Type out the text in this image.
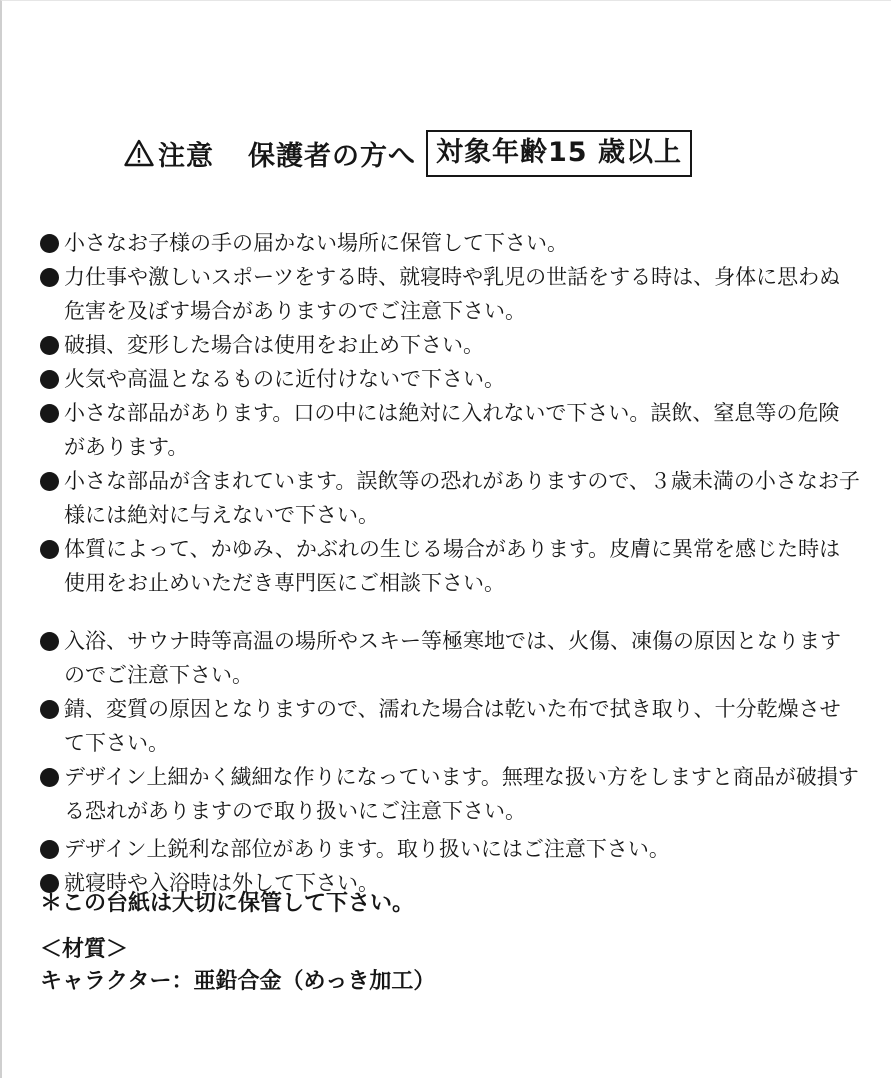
注意 保護者の方へ 対象年齢15 歳以上
小さなお子様の手の届かない場所に保管して下さい。
力仕事や激しいスポーツをする時、就寝時や乳児の世話をする時は、身体に思わぬ危害を及ぼす場合がありますのでご注意下さい。
破損、変形した場合は使用をお止め下さい。
火気や高温となるものに近付けないで下さい。
小さな部品があります。口の中には絶対に入れないで下さい。誤飲、窒息等の危険があります。
小さな部品が含まれています。誤飲等の恐れがありますので、３歳未満の小さなお子様には絶対に与えないで下さい。
体質によって、かゆみ、かぶれの生じる場合があります。皮膚に異常を感じた時は使用をお止めいただき専門医にご相談下さい。
入浴、サウナ時等高温の場所やスキー等極寒地では、火傷、凍傷の原因となりますのでご注意下さい。
錆、変質の原因となりますので、濡れた場合は乾いた布で拭き取り、十分乾燥させて下さい。
デザイン上細かく繊細な作りになっています。無理な扱い方をしますと商品が破損する恐れがありますので取り扱いにご注意下さい。
デザイン上鋭利な部位があります。取り扱いにはご注意下さい。
就寝時や入浴時は外して下さい。
＊この台紙は大切に保管して下さい。
＜材質＞
キャラクター：亜鉛合金（めっき加工）
